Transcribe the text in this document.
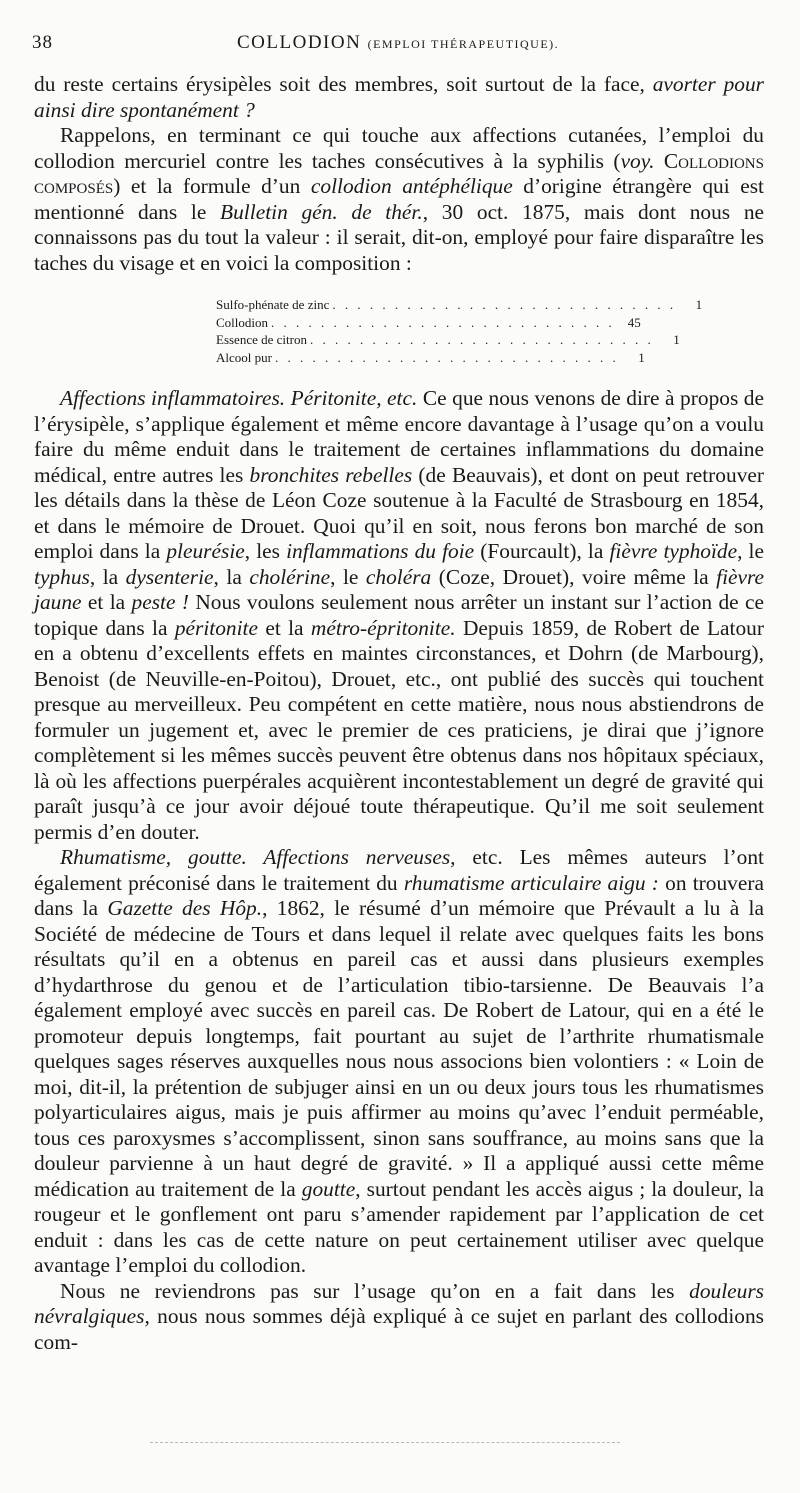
38	COLLODION (EMPLOI THÉRAPEUTIQUE).

du reste certains érysipèles soit des membres, soit surtout de la face, avorter pour ainsi dire spontanément ?

Rappelons, en terminant ce qui touche aux affections cutanées, l’emploi du collodion mercuriel contre les taches consécutives à la syphilis (voy. Collodions composés) et la formule d’un collodion antéphélique d’origine étrangère qui est mentionné dans le Bulletin gén. de thér., 30 oct. 1875, mais dont nous ne connaissons pas du tout la valeur : il serait, dit-on, employé pour faire disparaître les taches du visage et en voici la composition :

Sulfo-phénate de zinc . . . . . . . . . . . . . . . . . . . . . . . . . . . .	1
Collodion . . . . . . . . . . . . . . . . . . . . . . . . . . . .	45
Essence de citron . . . . . . . . . . . . . . . . . . . . . . . . . . . .	1
Alcool pur . . . . . . . . . . . . . . . . . . . . . . . . . . . .	1

Affections inflammatoires. Péritonite, etc. Ce que nous venons de dire à propos de l’érysipèle, s’applique également et même encore davantage à l’usage qu’on a voulu faire du même enduit dans le traitement de certaines inflammations du domaine médical, entre autres les bronchites rebelles (de Beauvais), et dont on peut retrouver les détails dans la thèse de Léon Coze soutenue à la Faculté de Strasbourg en 1854, et dans le mémoire de Drouet. Quoi qu’il en soit, nous ferons bon marché de son emploi dans la pleurésie, les inflammations du foie (Fourcault), la fièvre typhoïde, le typhus, la dysenterie, la cholérine, le choléra (Coze, Drouet), voire même la fièvre jaune et la peste ! Nous voulons seulement nous arrêter un instant sur l’action de ce topique dans la péritonite et la métro-épritonite. Depuis 1859, de Robert de Latour en a obtenu d’excellents effets en maintes circonstances, et Dohrn (de Marbourg), Benoist (de Neuville-en-Poitou), Drouet, etc., ont publié des succès qui touchent presque au merveilleux. Peu compétent en cette matière, nous nous abstiendrons de formuler un jugement et, avec le premier de ces praticiens, je dirai que j’ignore complètement si les mêmes succès peuvent être obtenus dans nos hôpitaux spéciaux, là où les affections puerpérales acquièrent incontestablement un degré de gravité qui paraît jusqu’à ce jour avoir déjoué toute thérapeutique. Qu’il me soit seulement permis d’en douter.

Rhumatisme, goutte. Affections nerveuses, etc. Les mêmes auteurs l’ont également préconisé dans le traitement du rhumatisme articulaire aigu : on trouvera dans la Gazette des Hôp., 1862, le résumé d’un mémoire que Prévault a lu à la Société de médecine de Tours et dans lequel il relate avec quelques faits les bons résultats qu’il en a obtenus en pareil cas et aussi dans plusieurs exemples d’hydarthrose du genou et de l’articulation tibio-tarsienne. De Beauvais l’a également employé avec succès en pareil cas. De Robert de Latour, qui en a été le promoteur depuis longtemps, fait pourtant au sujet de l’arthrite rhumatismale quelques sages réserves auxquelles nous nous associons bien volontiers : « Loin de moi, dit-il, la prétention de subjuger ainsi en un ou deux jours tous les rhumatismes polyarticulaires aigus, mais je puis affirmer au moins qu’avec l’enduit perméable, tous ces paroxysmes s’accomplissent, sinon sans souffrance, au moins sans que la douleur parvienne à un haut degré de gravité. » Il a appliqué aussi cette même médication au traitement de la goutte, surtout pendant les accès aigus ; la douleur, la rougeur et le gonflement ont paru s’amender rapidement par l’application de cet enduit : dans les cas de cette nature on peut certainement utiliser avec quelque avantage l’emploi du collodion.

Nous ne reviendrons pas sur l’usage qu’on en a fait dans les douleurs névralgiques, nous nous sommes déjà expliqué à ce sujet en parlant des collodions com-
